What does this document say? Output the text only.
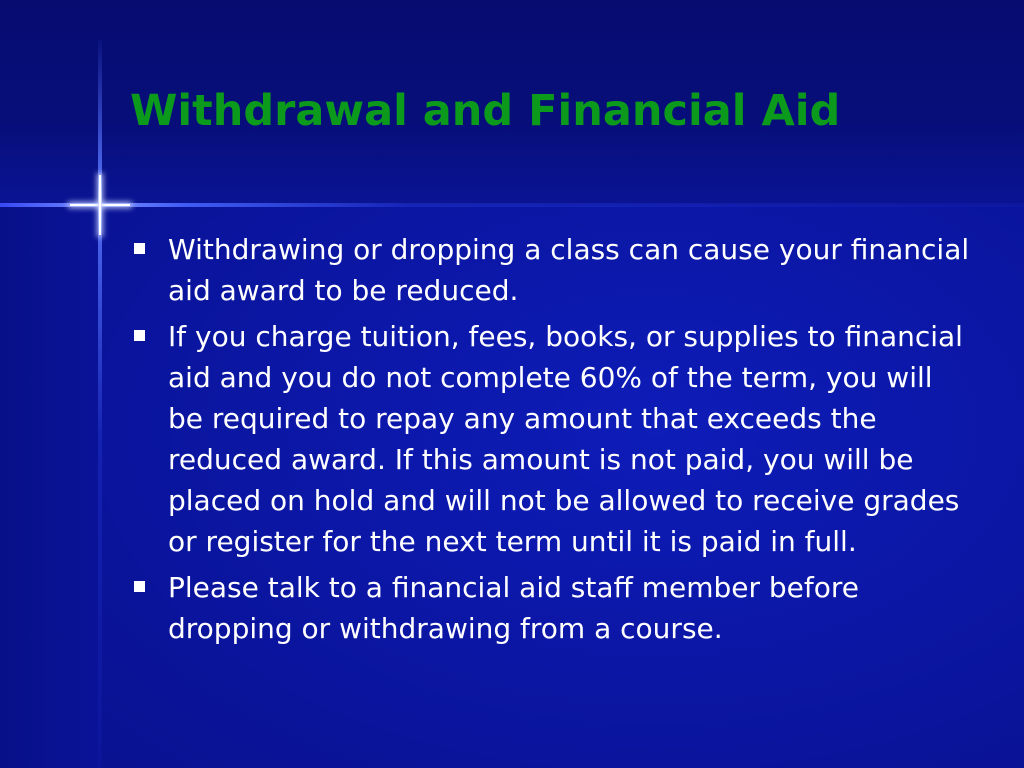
Withdrawal and Financial Aid
Withdrawing or dropping a class can cause your financial aid award to be reduced.
If you charge tuition, fees, books, or supplies to financial aid and you do not complete 60% of the term, you will be required to repay any amount that exceeds the reduced award. If this amount is not paid, you will be placed on hold and will not be allowed to receive grades or register for the next term until it is paid in full.
Please talk to a financial aid staff member before dropping or withdrawing from a course.
